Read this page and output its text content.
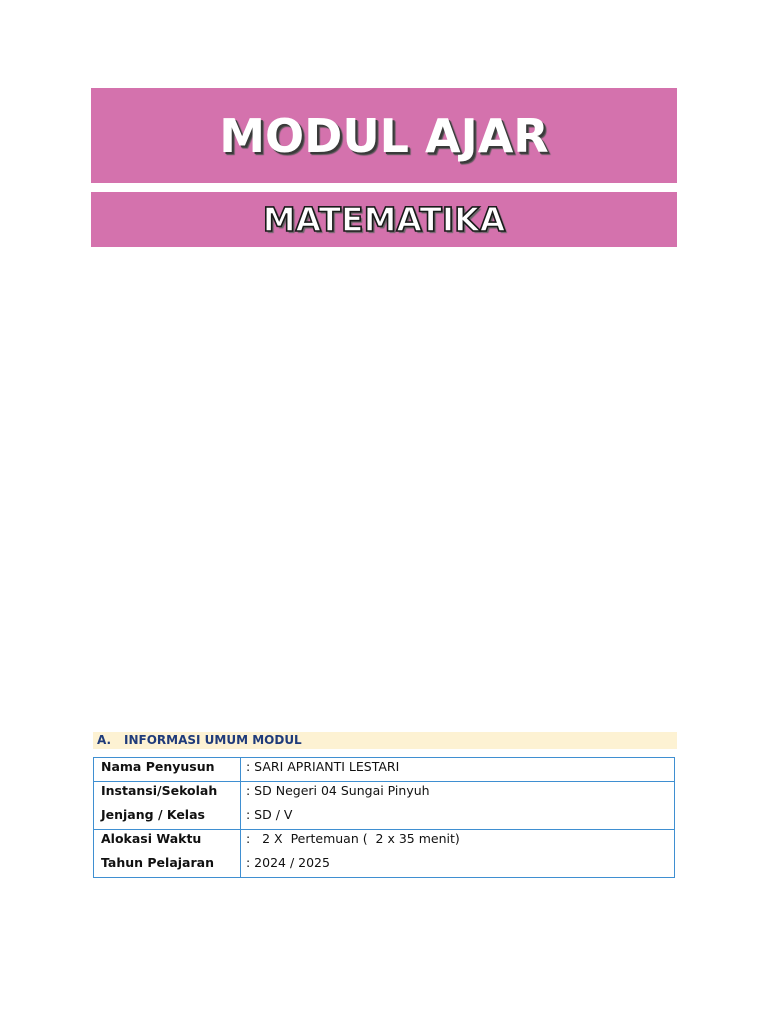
MODUL AJAR
MATEMATIKA
A.	INFORMASI UMUM MODUL
Nama Penyusun	: SARI APRIANTI LESTARI
Instansi/Sekolah : SD Negeri 04 Sungai Pinyuh
Jenjang / Kelas	: SD / V
Alokasi Waktu	:   2 X  Pertemuan (  2 x 35 menit)
Tahun Pelajaran	: 2024 / 2025
